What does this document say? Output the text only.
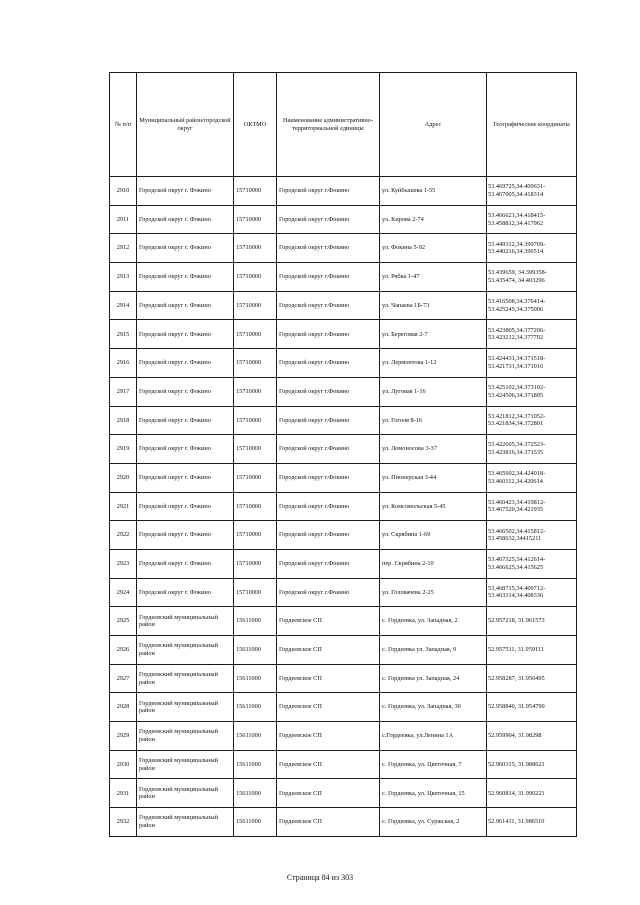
№ п/п	Муниципальный район/городской округ	ОКТМО	Наименование административно-территориальной единицы	Адрес	Географические координаты
2910	Городской округ г. Фокино	15710000	Городской округ г.Фокино	ул. Куйбышева 1-55	53.469725,34.409631-
53.467005,34.418314

2911	Городской округ г. Фокино	15710000	Городской округ г.Фокино	ул. Кирова 2-74	53.466621,34.418415-
53.458812,34.417962

2912	Городской округ г. Фокино	15710000	Городской округ г.Фокино	ул. Фокина 5-92	53.449312,34.399709-
53.440216,34.396514

2913	Городской округ г. Фокино	15710000	Городской округ г.Фокино	ул. Рябка 1-47	53.439659, 34.399358-
53.435474, 34.403296

2914	Городской округ г. Фокино	15710000	Городской округ г.Фокино	ул. Чапаева 1Б-73	53.416508,34.376414-
53.425245,34.375006

2915	Городской округ г. Фокино	15710000	Городской округ г.Фокино	ул. Береговая 2-7	53.423805,34.377206-
53.423212,34.377702

2916	Городской округ г. Фокино	15710000	Городской округ г.Фокино	ул. Лермонтова 1-12	53.424431,34.371518-
53.421731,34.371016

2917	Городской округ г. Фокино	15710000	Городской округ г.Фокино	ул. Луговая 1-16	53.425102,34.373102-
53.424506,34.371805

2918	Городской округ г. Фокино	15710000	Городской округ г.Фокино	ул. Гоголя 8-16	53.421812,34.371052-
53.421834,34.372801

2919	Городской округ г. Фокино	15710000	Городской округ г.Фокино	ул. Ломоносова 3-37	53.422605,34.372523-
53.423816,34.371535

2920	Городской округ г. Фокино	15710000	Городской округ г.Фокино	ул. Пионерская 3-44	53.465602,34.424018-
53.460112,34.420614

2921	Городской округ г. Фокино	15710000	Городской округ г.Фокино	ул. Комсомольская 5-45	53.460423,34.419812-
53.467520,34.421935

2922	Городской округ г. Фокино	15710000	Городской округ г.Фокино	ул. Скрябина 1-69	53.466502,34.415812-
53.458632,34415211

2923	Городской округ г. Фокино	15710000	Городской округ г.Фокино	пер. Скрябина 2-10	53.467325,34.412614-
53.466625,34.415625

2924	Городской округ г. Фокино	15710000	Городской округ г.Фокино	ул. Головачева 2-25	53,468715,34.409712-
53.463314,34.408336

2925	Гордеевский муниципальный район	15611000	Гордеевское СП	с. Гордеевка, ул. Западная, 2	52.957218, 31.961573

2926	Гордеевский муниципальный район	15611000	Гордеевское СП	с. Гордеевка ул. Западная, 9	52.957511, 31.959111

2927	Гордеевский муниципальный район	15611000	Гордеевское СП	с. Гордеевка ул. Западная, 24	52.958287, 31.956495

2928	Гордеевский муниципальный район	15611000	Гордеевское СП	с. Гордеевка, ул. Западная, 30	52.958840, 31.954790

2929	Гордеевский муниципальный район	15611000	Гордеевское СП	с.Гордеевка, ул.Ленина 1А	52.959904, 31.98298

2930	Гордеевский муниципальный район	15611000	Гордеевское СП	с. Гордеевка, ул. Цветочная, 7	52.960315, 31.988621

2931	Гордеевский муниципальный район	15611000	Гордеевское СП	с. Гордеевка, ул. Цветочная, 15	52.960814, 31.990221

2932	Гордеевский муниципальный район	15611000	Гордеевское СП	с. Гордеевка, ул. Суржская, 2	52.961411, 31.986510
Страница 84 из 303
